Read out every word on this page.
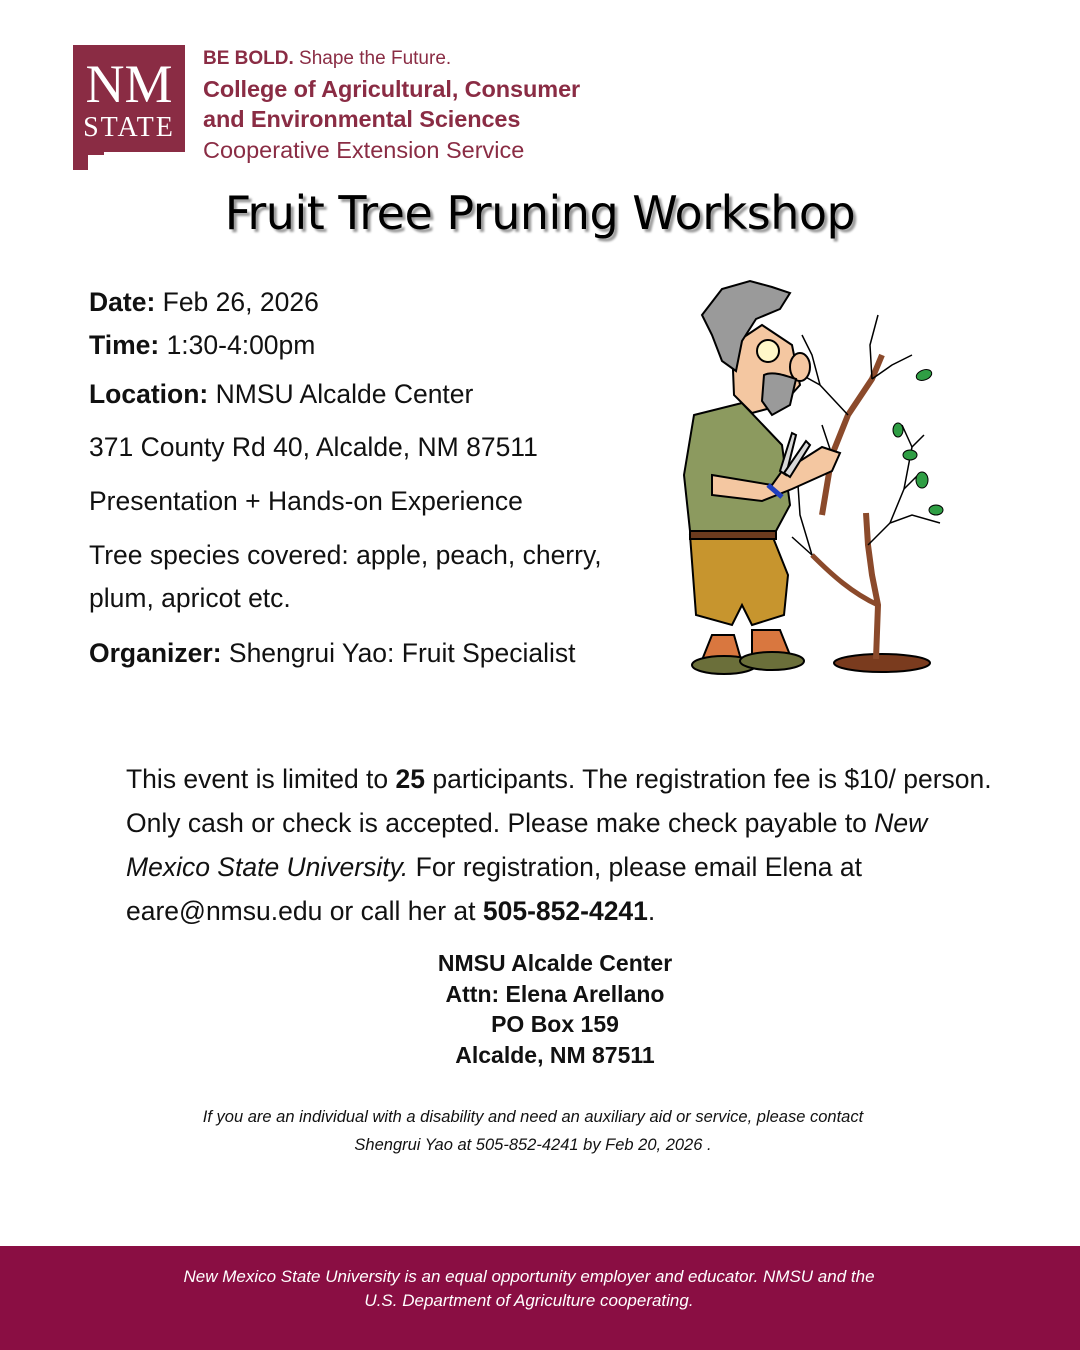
NM
STATE
BE BOLD. Shape the Future.
College of Agricultural, Consumer
and Environmental Sciences
Cooperative Extension Service
Fruit Tree Pruning Workshop
Date: Feb 26, 2026
Time: 1:30-4:00pm
Location: NMSU Alcalde Center
371 County Rd 40, Alcalde, NM 87511
Presentation + Hands-on Experience
Tree species covered: apple, peach, cherry,
plum, apricot etc.
Organizer: Shengrui Yao: Fruit Specialist
This event is limited to 25 participants. The registration fee is $10/ person. Only cash or check is accepted. Please make check payable to New Mexico State University. For registration, please email Elena at eare@nmsu.edu or call her at 505-852-4241.
NMSU Alcalde Center
Attn: Elena Arellano
PO Box 159
Alcalde, NM 87511
If you are an individual with a disability and need an auxiliary aid or service, please contact
Shengrui Yao at 505-852-4241 by Feb 20, 2026 .
New Mexico State University is an equal opportunity employer and educator. NMSU and the
U.S. Department of Agriculture cooperating.
